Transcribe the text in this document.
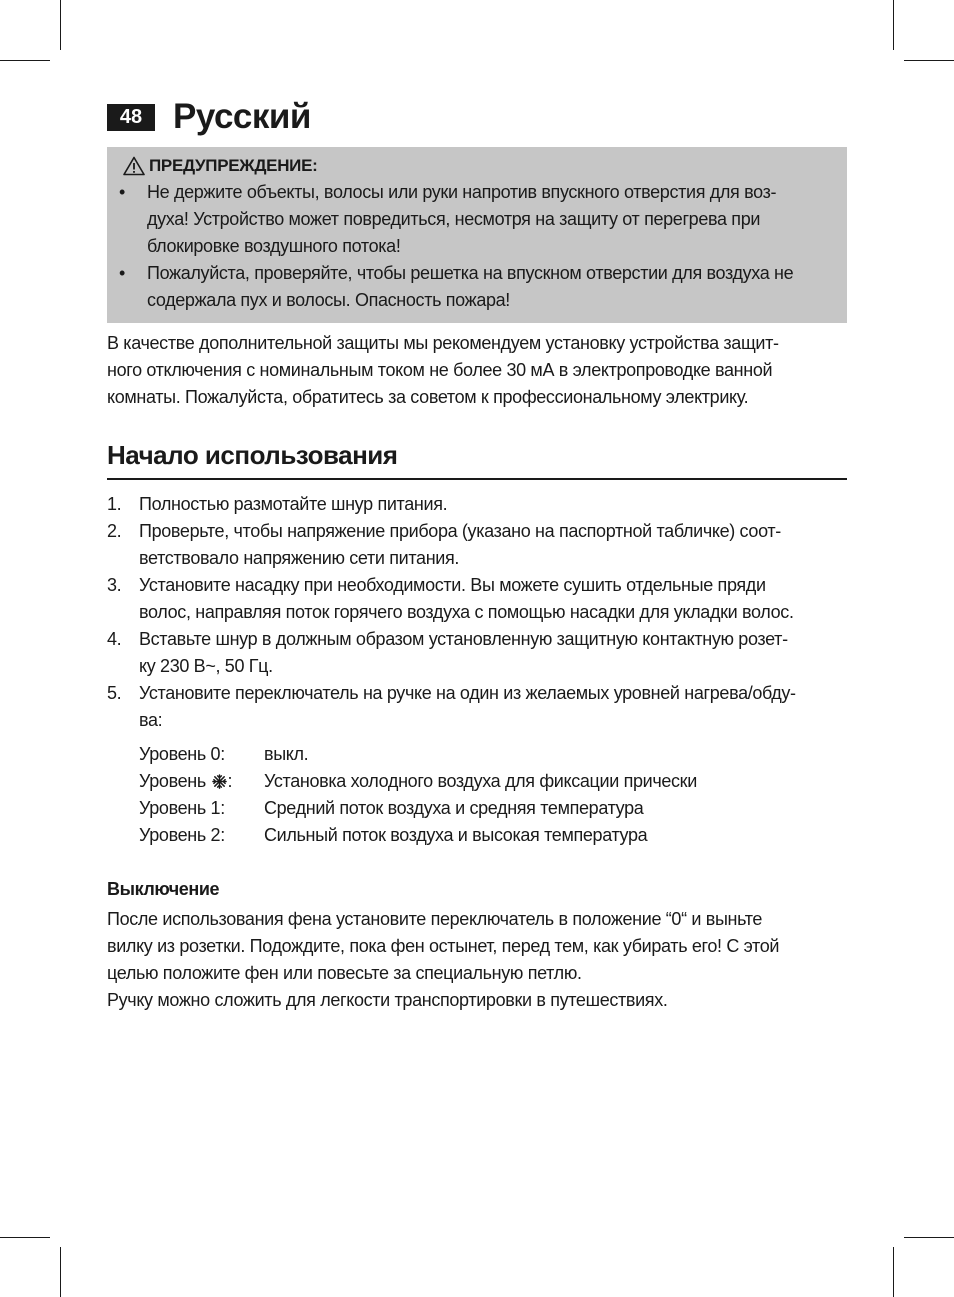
48 Русский
ПРЕДУПРЕЖДЕНИЕ:
• Не держите объекты, волосы или руки напротив впускного отверстия для воз-
духа! Устройство может повредиться, несмотря на защиту от перегрева при
блокировке воздушного потока!
• Пожалуйста, проверяйте, чтобы решетка на впускном отверстии для воздуха не
содержала пух и волосы. Опасность пожара!
В качестве дополнительной защиты мы рекомендуем установку устройства защит-
ного отключения с номинальным током не более 30 мА в электропроводке ванной
комнаты. Пожалуйста, обратитесь за советом к профессиональному электрику.
Начало использования
1. Полностью размотайте шнур питания.
2. Проверьте, чтобы напряжение прибора (указано на паспортной табличке) соот-
ветствовало напряжению сети питания.
3. Установите насадку при необходимости. Вы можете сушить отдельные пряди
волос, направляя поток горячего воздуха с помощью насадки для укладки волос.
4. Вставьте шнур в должным образом установленную защитную контактную розет-
ку 230 В~, 50 Гц.
5. Установите переключатель на ручке на один из желаемых уровней нагрева/обду-
ва:
Уровень 0:	выкл.
Уровень : Установка холодного воздуха для фиксации прически
Уровень 1:	Средний поток воздуха и средняя температура
Уровень 2:	Сильный поток воздуха и высокая температура
Выключение
После использования фена установите переключатель в положение “0“ и выньте
вилку из розетки. Подождите, пока фен остынет, перед тем, как убирать его! С этой
целью положите фен или повесьте за специальную петлю.
Ручку можно сложить для легкости транспортировки в путешествиях.
